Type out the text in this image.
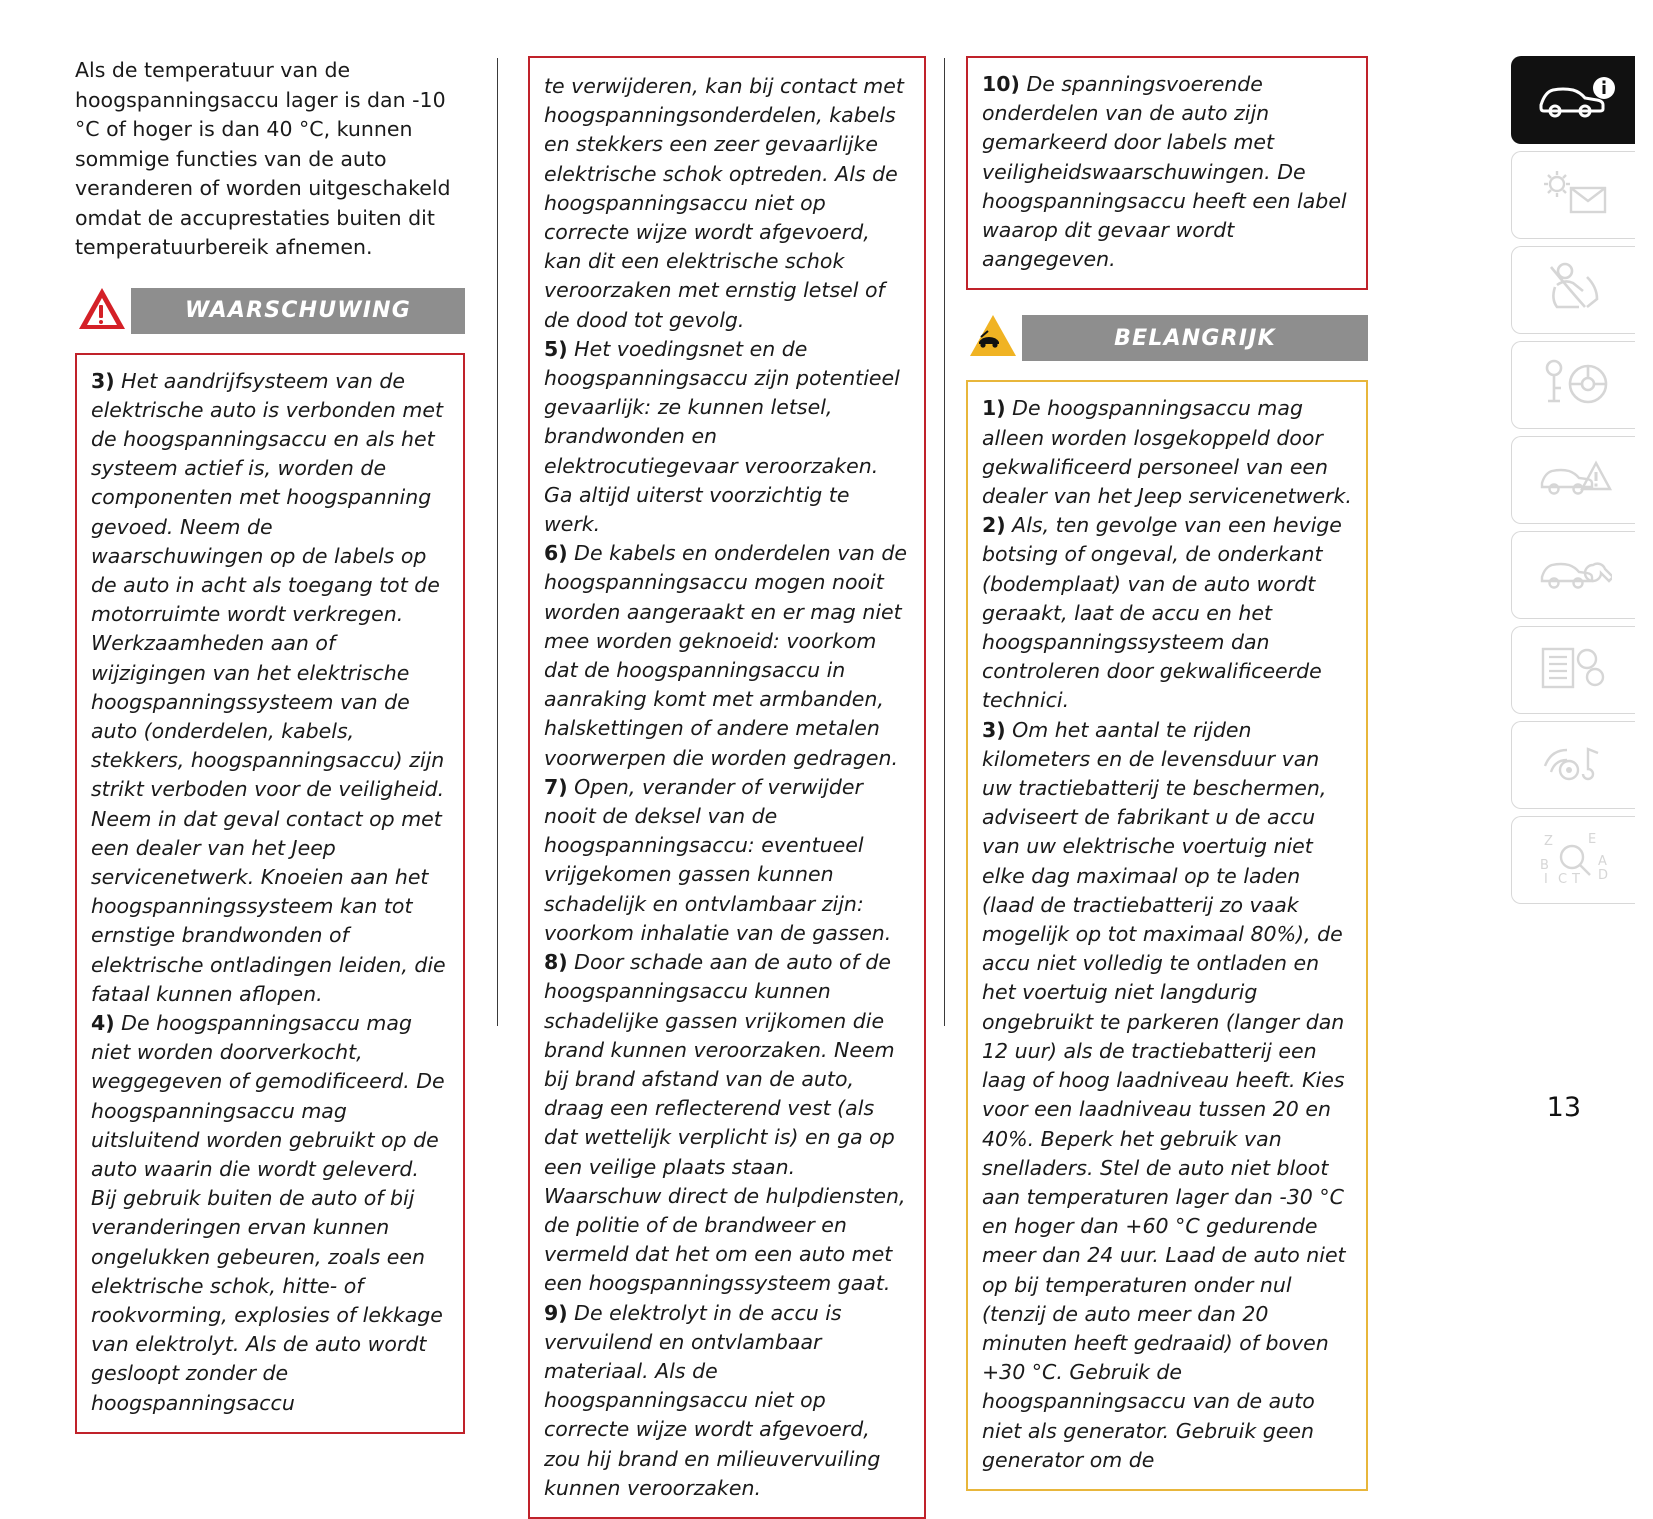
Als de temperatuur van de hoogspanningsaccu lager is dan -10 °C of hoger is dan 40 °C, kunnen sommige functies van de auto veranderen of worden uitgeschakeld omdat de accuprestaties buiten dit temperatuurbereik afnemen.
WAARSCHUWING

3) Het aandrijfsysteem van de elektrische auto is verbonden met de hoogspanningsaccu en als het systeem actief is, worden de componenten met hoogspanning gevoed. Neem de waarschuwingen op de labels op de auto in acht als toegang tot de motorruimte wordt verkregen. Werkzaamheden aan of wijzigingen van het elektrische hoogspanningssysteem van de auto (onderdelen, kabels, stekkers, hoogspanningsaccu) zijn strikt verboden voor de veiligheid. Neem in dat geval contact op met een dealer van het Jeep servicenetwerk. Knoeien aan het hoogspanningssysteem kan tot ernstige brandwonden of elektrische ontladingen leiden, die fataal kunnen aflopen.

4) De hoogspanningsaccu mag niet worden doorverkocht, weggegeven of gemodificeerd. De hoogspanningsaccu mag uitsluitend worden gebruikt op de auto waarin die wordt geleverd. Bij gebruik buiten de auto of bij veranderingen ervan kunnen ongelukken gebeuren, zoals een elektrische schok, hitte- of rookvorming, explosies of lekkage van elektrolyt. Als de auto wordt gesloopt zonder de hoogspanningsaccu

te verwijderen, kan bij contact met hoogspanningsonderdelen, kabels en stekkers een zeer gevaarlijke elektrische schok optreden. Als de hoogspanningsaccu niet op correcte wijze wordt afgevoerd, kan dit een elektrische schok veroorzaken met ernstig letsel of de dood tot gevolg.

5) Het voedingsnet en de hoogspanningsaccu zijn potentieel gevaarlijk: ze kunnen letsel, brandwonden en elektrocutiegevaar veroorzaken. Ga altijd uiterst voorzichtig te werk.

6) De kabels en onderdelen van de hoogspanningsaccu mogen nooit worden aangeraakt en er mag niet mee worden geknoeid: voorkom dat de hoogspanningsaccu in aanraking komt met armbanden, halskettingen of andere metalen voorwerpen die worden gedragen.

7) Open, verander of verwijder nooit de deksel van de hoogspanningsaccu: eventueel vrijgekomen gassen kunnen schadelijk en ontvlambaar zijn: voorkom inhalatie van de gassen.

8) Door schade aan de auto of de hoogspanningsaccu kunnen schadelijke gassen vrijkomen die brand kunnen veroorzaken. Neem bij brand afstand van de auto, draag een reflecterend vest (als dat wettelijk verplicht is) en ga op een veilige plaats staan. Waarschuw direct de hulpdiensten, de politie of de brandweer en vermeld dat het om een auto met een hoogspanningssysteem gaat.

9) De elektrolyt in de accu is vervuilend en ontvlambaar materiaal. Als de hoogspanningsaccu niet op correcte wijze wordt afgevoerd, zou hij brand en milieuvervuiling kunnen veroorzaken.

10) De spanningsvoerende onderdelen van de auto zijn gemarkeerd door labels met veiligheidswaarschuwingen. De hoogspanningsaccu heeft een label waarop dit gevaar wordt aangegeven.

BELANGRIJK

1) De hoogspanningsaccu mag alleen worden losgekoppeld door gekwalificeerd personeel van een dealer van het Jeep servicenetwerk.

2) Als, ten gevolge van een hevige botsing of ongeval, de onderkant (bodemplaat) van de auto wordt geraakt, laat de accu en het hoogspanningssysteem dan controleren door gekwalificeerde technici.

3) Om het aantal te rijden kilometers en de levensduur van uw tractiebatterij te beschermen, adviseert de fabrikant u de accu van uw elektrische voertuig niet elke dag maximaal op te laden (laad de tractiebatterij zo vaak mogelijk op tot maximaal 80%), de accu niet volledig te ontladen en het voertuig niet langdurig ongebruikt te parkeren (langer dan 12 uur) als de tractiebatterij een laag of hoog laadniveau heeft. Kies voor een laadniveau tussen 20 en 40%. Beperk het gebruik van snelladers. Stel de auto niet bloot aan temperaturen lager dan -30 °C en hoger dan +60 °C gedurende meer dan 24 uur. Laad de auto niet op bij temperaturen onder nul (tenzij de auto meer dan 20 minuten heeft gedraaid) of boven +30 °C. Gebruik de hoogspanningsaccu van de auto niet als generator. Gebruik geen generator om de

Z	E
B	A
D
I C T
13
